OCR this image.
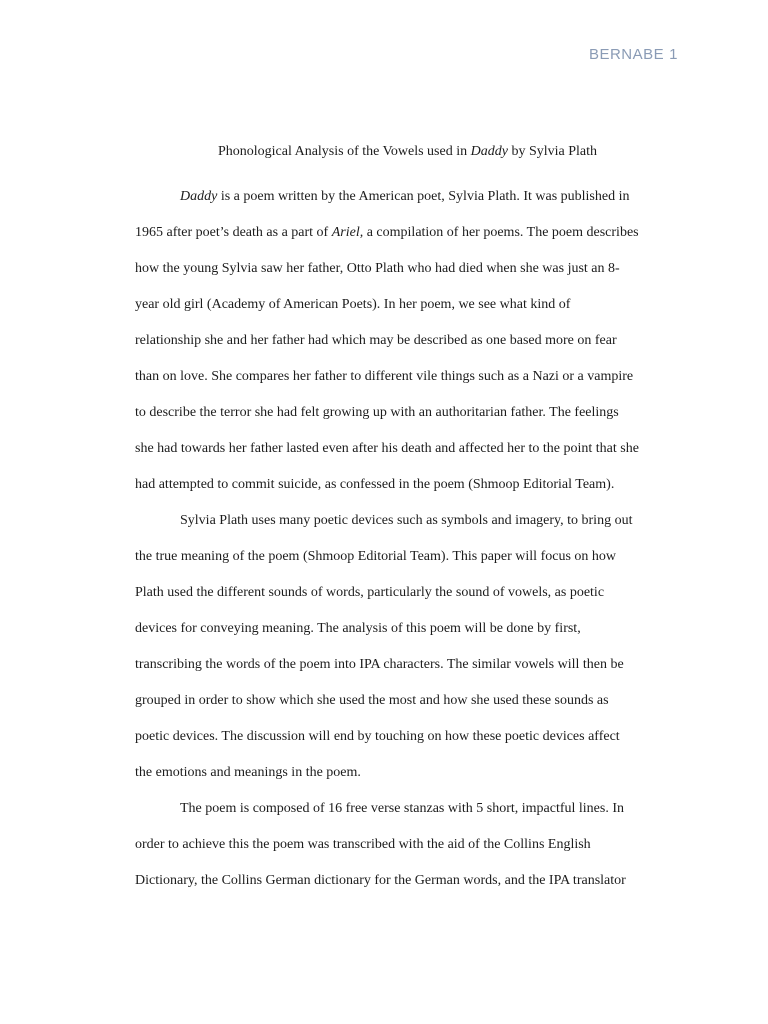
BERNABE 1
Phonological Analysis of the Vowels used in Daddy by Sylvia Plath
Daddy is a poem written by the American poet, Sylvia Plath. It was published in
1965 after poet’s death as a part of Ariel, a compilation of her poems. The poem describes
how the young Sylvia saw her father, Otto Plath who had died when she was just an 8-
year old girl (Academy of American Poets). In her poem, we see what kind of
relationship she and her father had which may be described as one based more on fear
than on love. She compares her father to different vile things such as a Nazi or a vampire
to describe the terror she had felt growing up with an authoritarian father. The feelings
she had towards her father lasted even after his death and affected her to the point that she
had attempted to commit suicide, as confessed in the poem (Shmoop Editorial Team).
Sylvia Plath uses many poetic devices such as symbols and imagery, to bring out
the true meaning of the poem (Shmoop Editorial Team). This paper will focus on how
Plath used the different sounds of words, particularly the sound of vowels, as poetic
devices for conveying meaning. The analysis of this poem will be done by first,
transcribing the words of the poem into IPA characters. The similar vowels will then be
grouped in order to show which she used the most and how she used these sounds as
poetic devices. The discussion will end by touching on how these poetic devices affect
the emotions and meanings in the poem.
The poem is composed of 16 free verse stanzas with 5 short, impactful lines. In
order to achieve this the poem was transcribed with the aid of the Collins English
Dictionary, the Collins German dictionary for the German words, and the IPA translator
